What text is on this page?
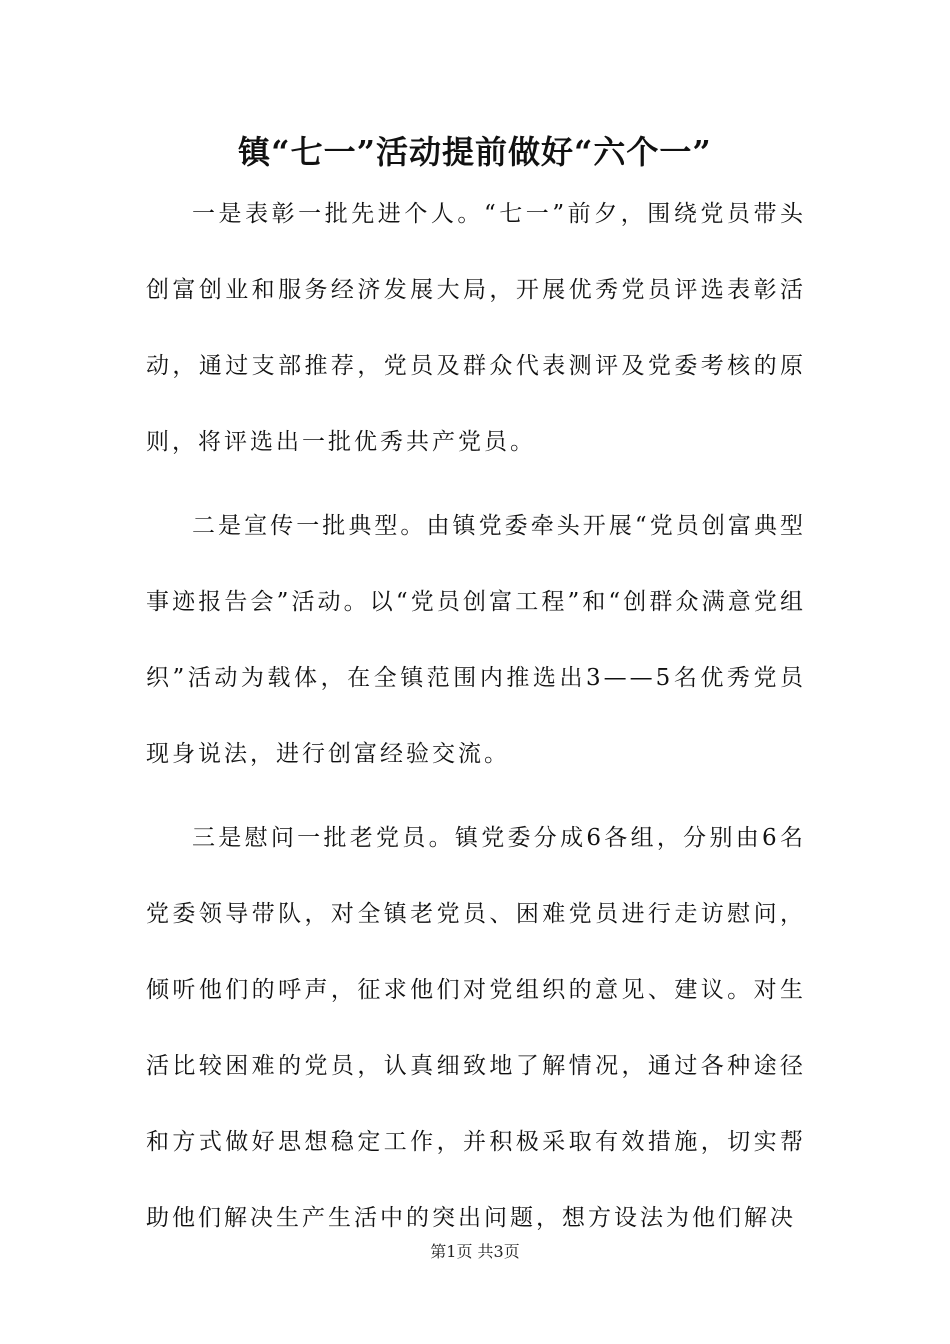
镇“七一”活动提前做好“六个一”

一是表彰一批先进个人。“七一”前夕，围绕党员带头创富创业和服务经济发展大局，开展优秀党员评选表彰活动，通过支部推荐，党员及群众代表测评及党委考核的原则，将评选出一批优秀共产党员。

二是宣传一批典型。由镇党委牵头开展“党员创富典型事迹报告会”活动。以“党员创富工程”和“创群众满意党组织”活动为载体，在全镇范围内推选出3——5名优秀党员现身说法，进行创富经验交流。

三是慰问一批老党员。镇党委分成6各组，分别由6名党委领导带队，对全镇老党员、困难党员进行走访慰问，倾听他们的呼声，征求他们对党组织的意见、建议。对生活比较困难的党员，认真细致地了解情况，通过各种途径和方式做好思想稳定工作，并积极采取有效措施，切实帮助他们解决生产生活中的突出问题，想方设法为他们解决

第1页 共3页
